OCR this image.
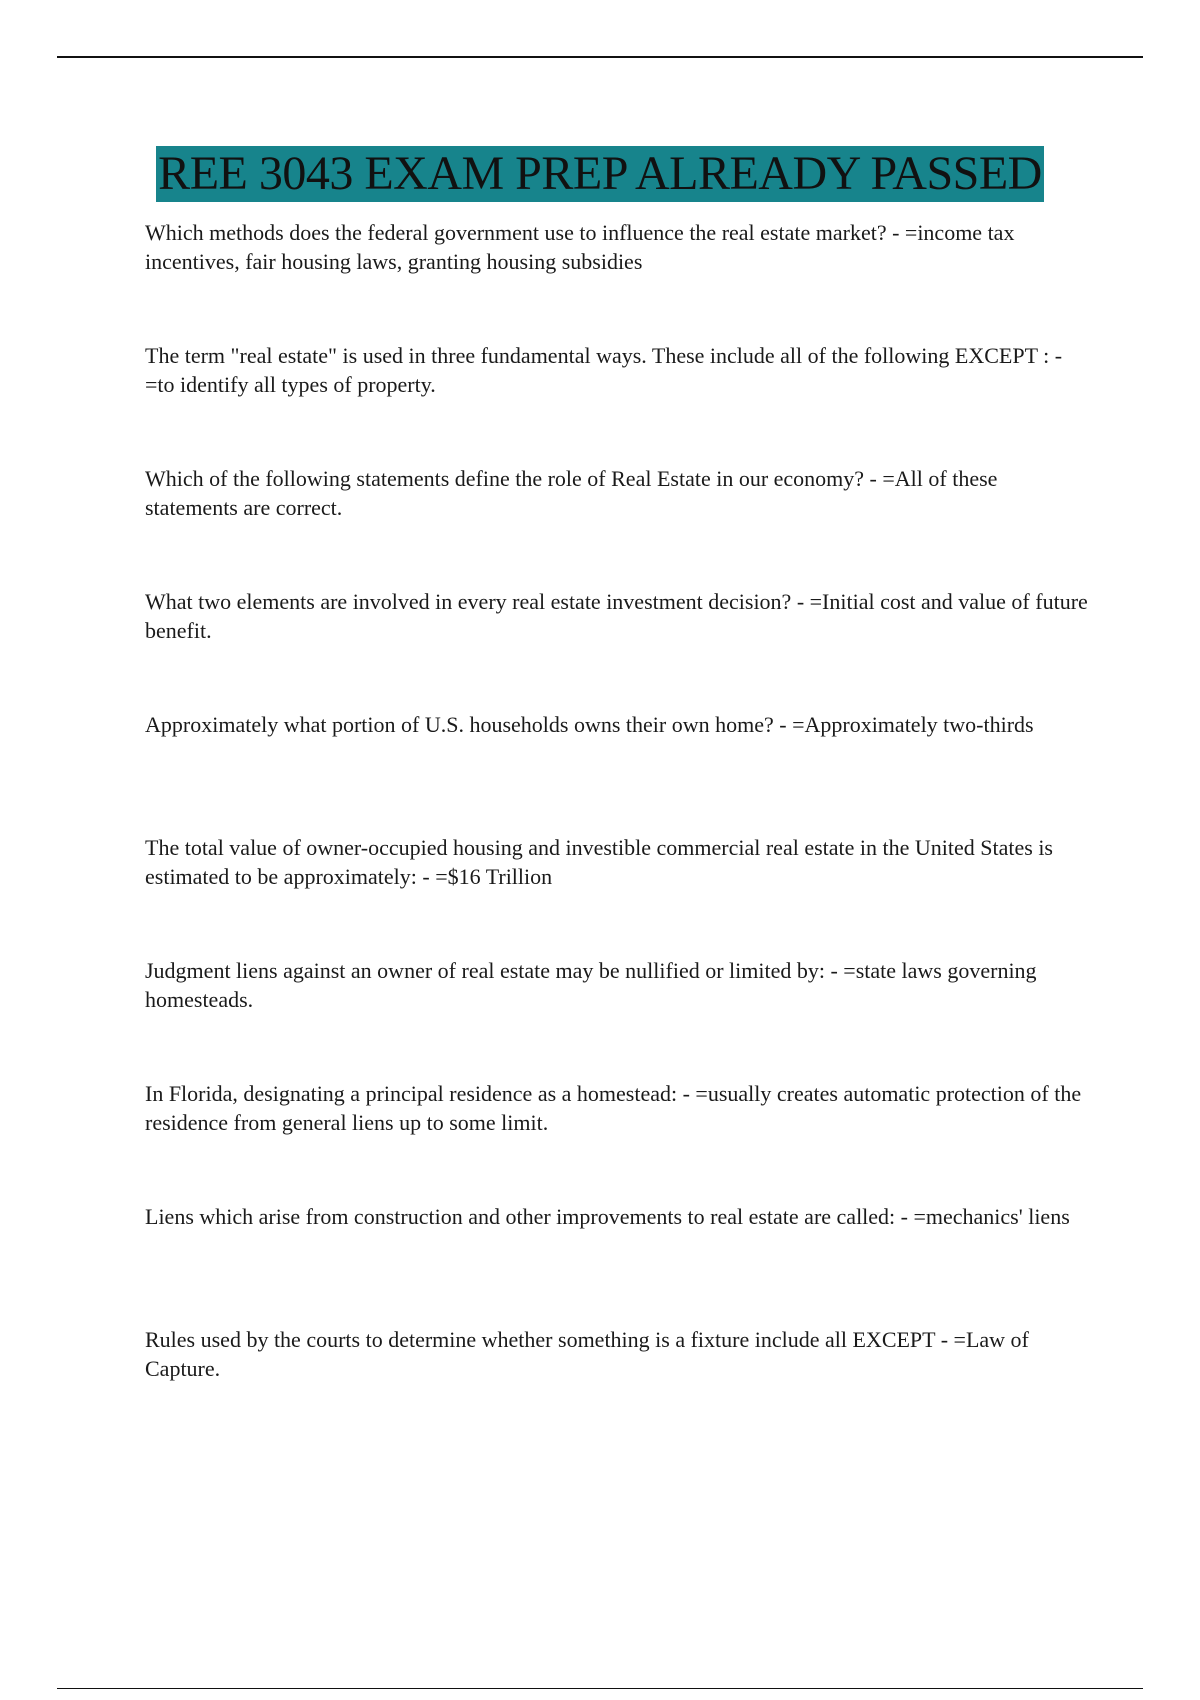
REE 3043 EXAM PREP ALREADY PASSED
Which methods does the federal government use to influence the real estate market? - =income tax incentives, fair housing laws, granting housing subsidies
The term "real estate" is used in three fundamental ways. These include all of the following EXCEPT : - =to identify all types of property.
Which of the following statements define the role of Real Estate in our economy? - =All of these statements are correct.
What two elements are involved in every real estate investment decision? - =Initial cost and value of future benefit.
Approximately what portion of U.S. households owns their own home? - =Approximately two-thirds
The total value of owner-occupied housing and investible commercial real estate in the United States is estimated to be approximately: - =$16 Trillion
Judgment liens against an owner of real estate may be nullified or limited by: - =state laws governing homesteads.
In Florida, designating a principal residence as a homestead: - =usually creates automatic protection of the residence from general liens up to some limit.
Liens which arise from construction and other improvements to real estate are called: - =mechanics' liens
Rules used by the courts to determine whether something is a fixture include all EXCEPT - =Law of Capture.
